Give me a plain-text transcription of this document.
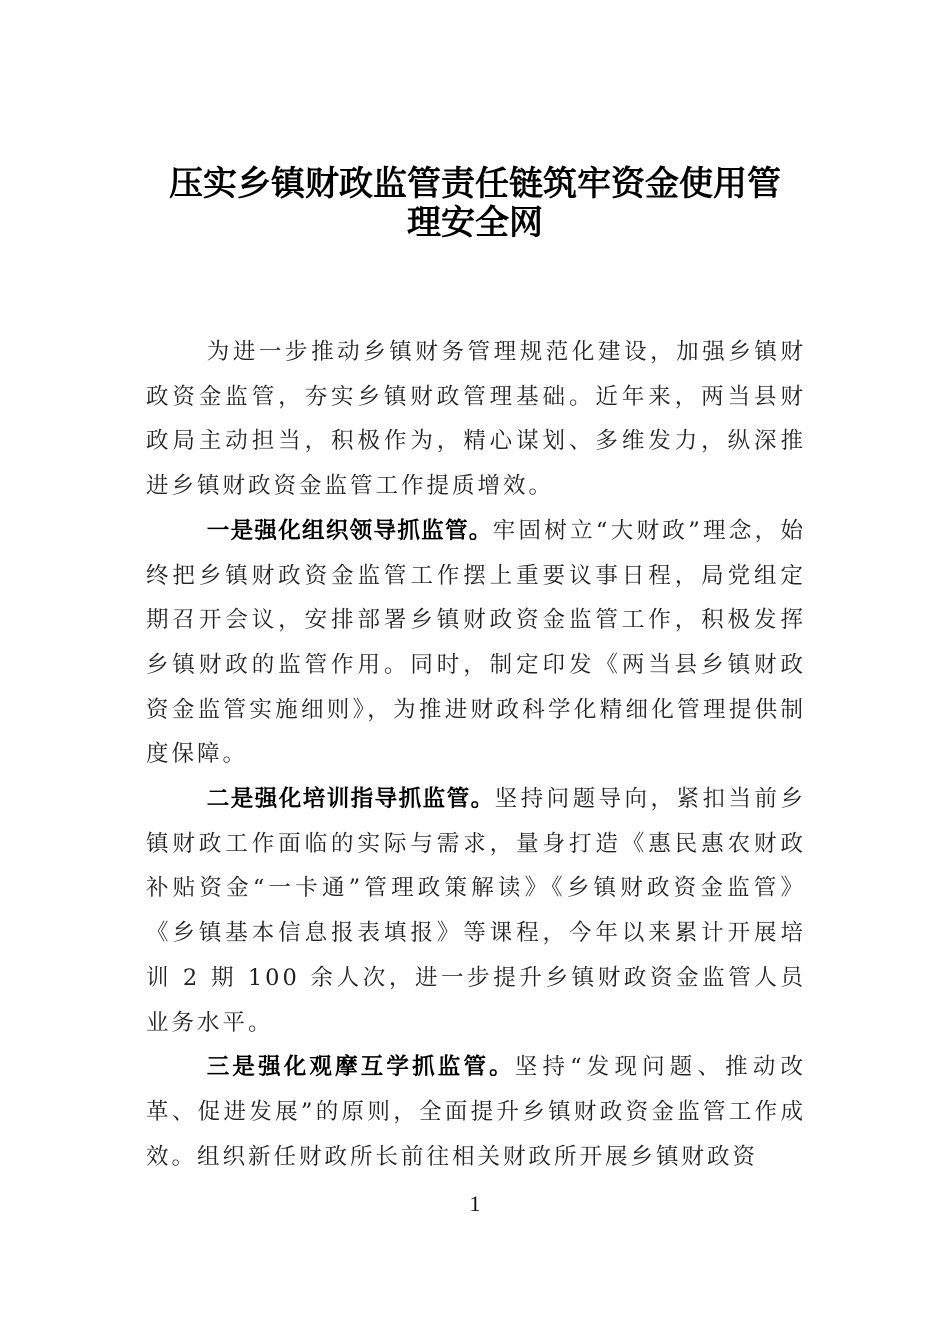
压实乡镇财政监管责任链筑牢资金使用管
理安全网

为进一步推动乡镇财务管理规范化建设，加强乡镇财政资金监管，夯实乡镇财政管理基础。近年来，两当县财政局主动担当，积极作为，精心谋划、多维发力，纵深推进乡镇财政资金监管工作提质增效。

一是强化组织领导抓监管。牢固树立“大财政”理念，始终把乡镇财政资金监管工作摆上重要议事日程，局党组定期召开会议，安排部署乡镇财政资金监管工作，积极发挥乡镇财政的监管作用。同时，制定印发《两当县乡镇财政资金监管实施细则》，为推进财政科学化精细化管理提供制度保障。

二是强化培训指导抓监管。坚持问题导向，紧扣当前乡镇财政工作面临的实际与需求，量身打造《惠民惠农财政补贴资金“一卡通”管理政策解读》《乡镇财政资金监管》《乡镇基本信息报表填报》等课程，今年以来累计开展培训 2 期 100 余人次，进一步提升乡镇财政资金监管人员业务水平。

三是强化观摩互学抓监管。坚持“发现问题、推动改革、促进发展”的原则，全面提升乡镇财政资金监管工作成效。组织新任财政所长前往相关财政所开展乡镇财政资

1
